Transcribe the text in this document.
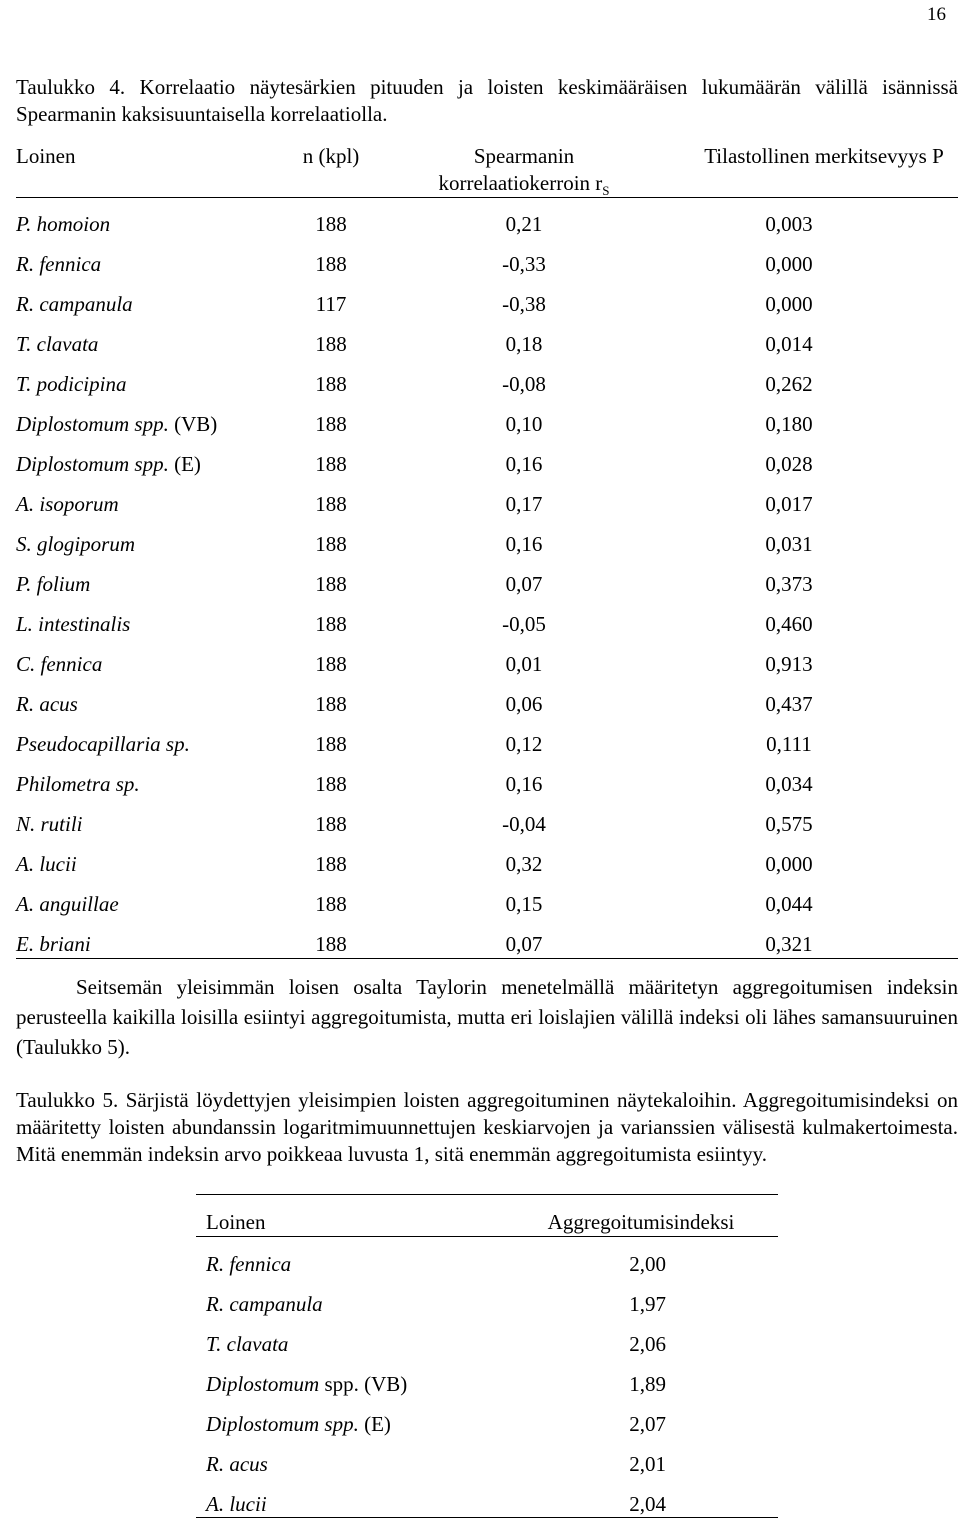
16
Taulukko 4. Korrelaatio näytesärkien pituuden ja loisten keskimääräisen lukumäärän välillä isännissä Spearmanin kaksisuuntaisella korrelaatiolla.
Loinen	n (kpl)	Spearmanin	Tilastollinen merkitsevyys P
korrelaatiokerroin $r_S$
P. homoion	188	0,21	0,003
R. fennica	188	-0,33	0,000
R. campanula	117	-0,38	0,000
T. clavata	188	0,18	0,014
T. podicipina	188	-0,08	0,262
Diplostomum spp. (VB)	188	0,10	0,180
Diplostomum spp. (E)	188	0,16	0,028
A. isoporum	188	0,17	0,017
S. glogiporum	188	0,16	0,031
P. folium	188	0,07	0,373
L. intestinalis	188	-0,05	0,460
C. fennica	188	0,01	0,913
R. acus	188	0,06	0,437
Pseudocapillaria sp.	188	0,12	0,111
Philometra sp.	188	0,16	0,034
N. rutili	188	-0,04	0,575
A. lucii	188	0,32	0,000
A. anguillae	188	0,15	0,044
E. briani	188	0,07	0,321
Seitsemän yleisimmän loisen osalta Taylorin menetelmällä määritetyn aggregoitumisen indeksin perusteella kaikilla loisilla esiintyi aggregoitumista, mutta eri loislajien välillä indeksi oli lähes samansuuruinen (Taulukko 5).
Taulukko 5. Särjistä löydettyjen yleisimpien loisten aggregoituminen näytekaloihin. Aggregoitumisindeksi on määritetty loisten abundanssin logaritmimuunnettujen keskiarvojen ja varianssien välisestä kulmakertoimesta. Mitä enemmän indeksin arvo poikkeaa luvusta 1, sitä enemmän aggregoitumista esiintyy.
Loinen	Aggregoitumisindeksi
R. fennica	2,00
R. campanula	1,97
T. clavata	2,06
Diplostomum spp. (VB)	1,89
Diplostomum spp. (E)	2,07
R. acus	2,01
A. lucii	2,04
